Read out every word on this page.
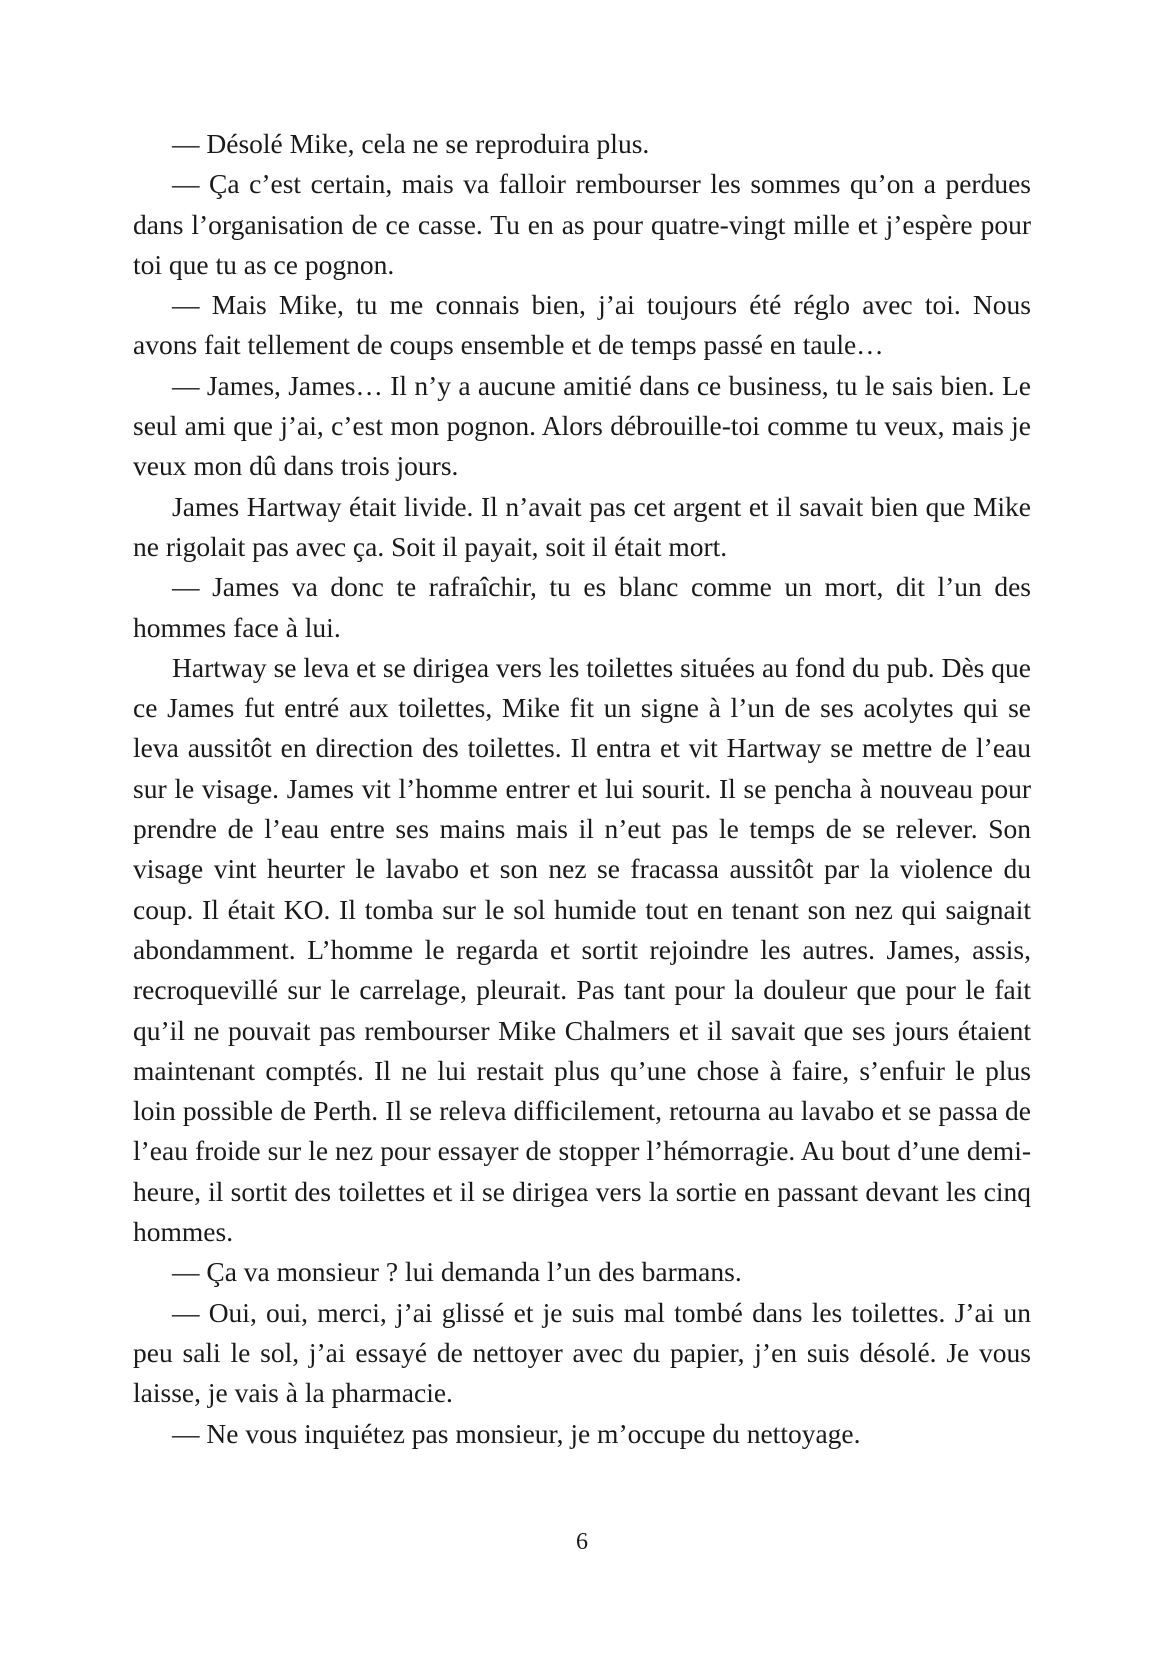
— Désolé Mike, cela ne se reproduira plus.

— Ça c’est certain, mais va falloir rembourser les sommes qu’on a perdues dans l’organisation de ce casse. Tu en as pour quatre-vingt mille et j’espère pour toi que tu as ce pognon.

— Mais Mike, tu me connais bien, j’ai toujours été réglo avec toi. Nous avons fait tellement de coups ensemble et de temps passé en taule…

— James, James… Il n’y a aucune amitié dans ce business, tu le sais bien. Le seul ami que j’ai, c’est mon pognon. Alors débrouille-toi comme tu veux, mais je veux mon dû dans trois jours.

James Hartway était livide. Il n’avait pas cet argent et il savait bien que Mike ne rigolait pas avec ça. Soit il payait, soit il était mort.

— James va donc te rafraîchir, tu es blanc comme un mort, dit l’un des hommes face à lui.

Hartway se leva et se dirigea vers les toilettes situées au fond du pub. Dès que ce James fut entré aux toilettes, Mike fit un signe à l’un de ses acolytes qui se leva aussitôt en direction des toilettes. Il entra et vit Hartway se mettre de l’eau sur le visage. James vit l’homme entrer et lui sourit. Il se pencha à nouveau pour prendre de l’eau entre ses mains mais il n’eut pas le temps de se relever. Son visage vint heurter le lavabo et son nez se fracassa aussitôt par la violence du coup. Il était KO. Il tomba sur le sol humide tout en tenant son nez qui saignait abondamment. L’homme le regarda et sortit rejoindre les autres. James, assis, recroquevillé sur le carrelage, pleurait. Pas tant pour la douleur que pour le fait qu’il ne pouvait pas rembourser Mike Chalmers et il savait que ses jours étaient maintenant comptés. Il ne lui restait plus qu’une chose à faire, s’enfuir le plus loin possible de Perth. Il se releva difficilement, retourna au lavabo et se passa de l’eau froide sur le nez pour essayer de stopper l’hémorragie. Au bout d’une demi-heure, il sortit des toilettes et il se dirigea vers la sortie en passant devant les cinq hommes.

— Ça va monsieur ? lui demanda l’un des barmans.

— Oui, oui, merci, j’ai glissé et je suis mal tombé dans les toilettes. J’ai un peu sali le sol, j’ai essayé de nettoyer avec du papier, j’en suis désolé. Je vous laisse, je vais à la pharmacie.

— Ne vous inquiétez pas monsieur, je m’occupe du nettoyage.

6
